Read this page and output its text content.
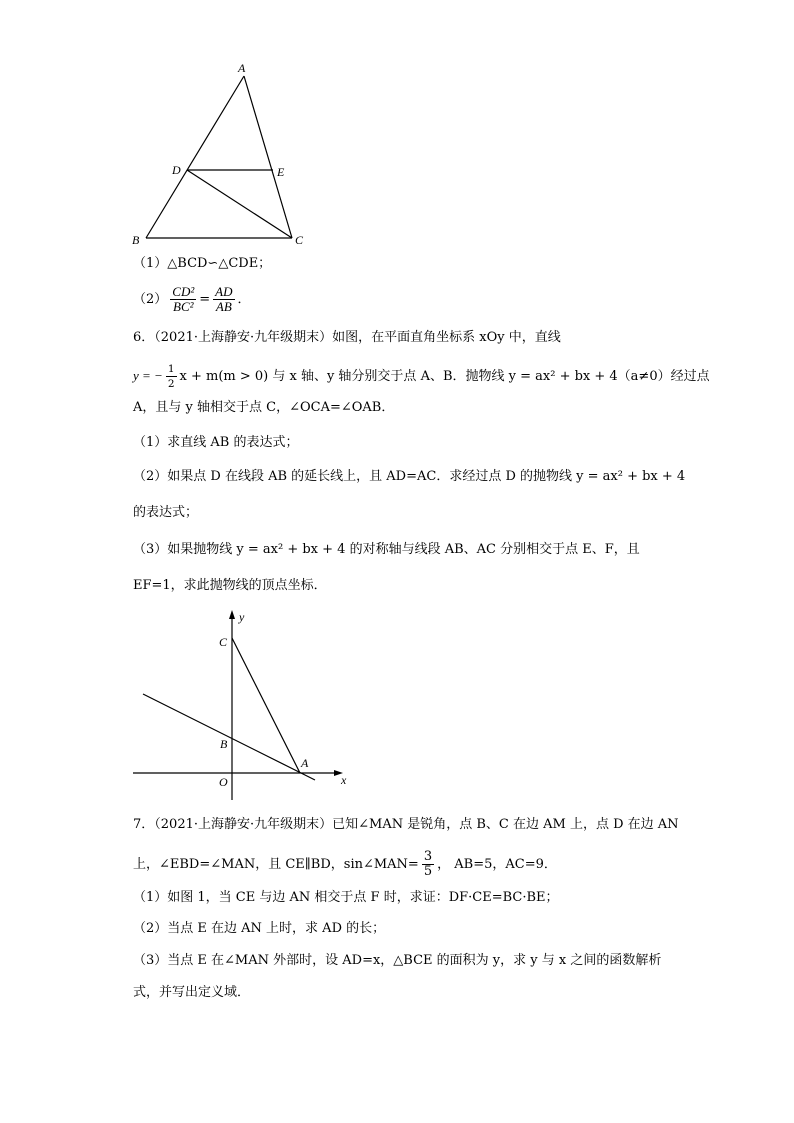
A
B	C
D	E
（1）△BCD∽△CDE；
$(2) \frac{\text{CD²}}{\text{BC²}} = \frac{AD}{AB}$ ．
6．（2021·上海静安·九年级期末）如图，在平面直角坐标系 xOy 中，直线
y = − $\frac{1}{2}$ x + m(m > 0) 与 x 轴、y 轴分别交于点 A、B．抛物线 y = ax² + bx + 4（a≠0）经过点
A，且与 y 轴相交于点 C，∠OCA=∠OAB．
（1）求直线 AB 的表达式；
（2）如果点 D 在线段 AB 的延长线上，且 AD=AC．求经过点 D 的抛物线 y = ax² + bx + 4
的表达式；
（3）如果抛物线 y = ax² + bx + 4 的对称轴与线段 AB、AC 分别相交于点 E、F，且
EF=1，求此抛物线的顶点坐标．
y
x
C
B
O
A
7．（2021·上海静安·九年级期末）已知∠MAN 是锐角，点 B、C 在边 AM 上，点 D 在边 AN
上，∠EBD=∠MAN，且 CE∥BD，sin∠MAN= $\frac{3}{5}$ ， AB=5，AC=9．
（1）如图 1，当 CE 与边 AN 相交于点 F 时，求证：DF·CE=BC·BE；
（2）当点 E 在边 AN 上时，求 AD 的长；
（3）当点 E 在∠MAN 外部时，设 AD=x，△BCE 的面积为 y，求 y 与 x 之间的函数解析
式，并写出定义域．
